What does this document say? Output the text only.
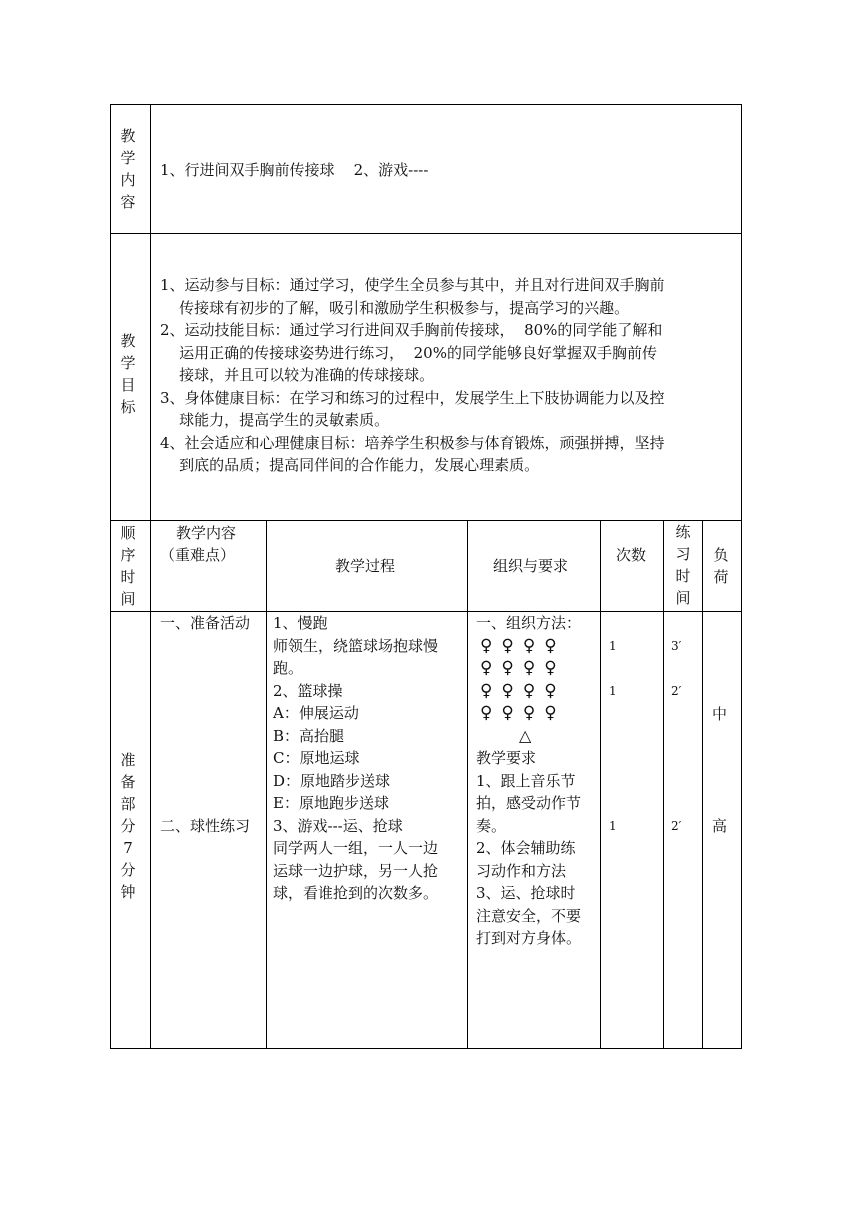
教
学
内
容
1、行进间双手胸前传接球    2、游戏----
教
学
目
标
1、运动参与目标：通过学习，使学生全员参与其中，并且对行进间双手胸前
传接球有初步的了解，吸引和激励学生积极参与，提高学习的兴趣。
2、运动技能目标：通过学习行进间双手胸前传接球，  80%的同学能了解和
运用正确的传接球姿势进行练习，  20%的同学能够良好掌握双手胸前传
接球，并且可以较为准确的传球接球。
3、身体健康目标：在学习和练习的过程中，发展学生上下肢协调能力以及控
球能力，提高学生的灵敏素质。
4、社会适应和心理健康目标：培养学生积极参与体育锻炼，顽强拼搏，坚持
到底的品质；提高同伴间的合作能力，发展心理素质。
顺
序
时
间
教学内容
（重难点）
教学过程	组织与要求
次数
练
习
时
间
负
荷
准
备
部
分
7
分
钟
一、准备活动
二、球性练习
1、慢跑
师领生，绕篮球场抱球慢
跑。
2、篮球操
A：伸展运动
B：高抬腿
C：原地运球
D：原地踏步送球
E：原地跑步送球
3、游戏---运、抢球
同学两人一组，一人一边
运球一边护球，另一人抢
球，看谁抢到的次数多。
一、组织方法：
♀♀♀♀
♀♀♀♀
♀♀♀♀
♀♀♀♀
△
教学要求
1、跟上音乐节
拍，感受动作节
奏。
2、体会辅助练
习动作和方法
3、运、抢球时
注意安全，不要
打到对方身体。
1
1
1
3′
2′
2′
中
高
